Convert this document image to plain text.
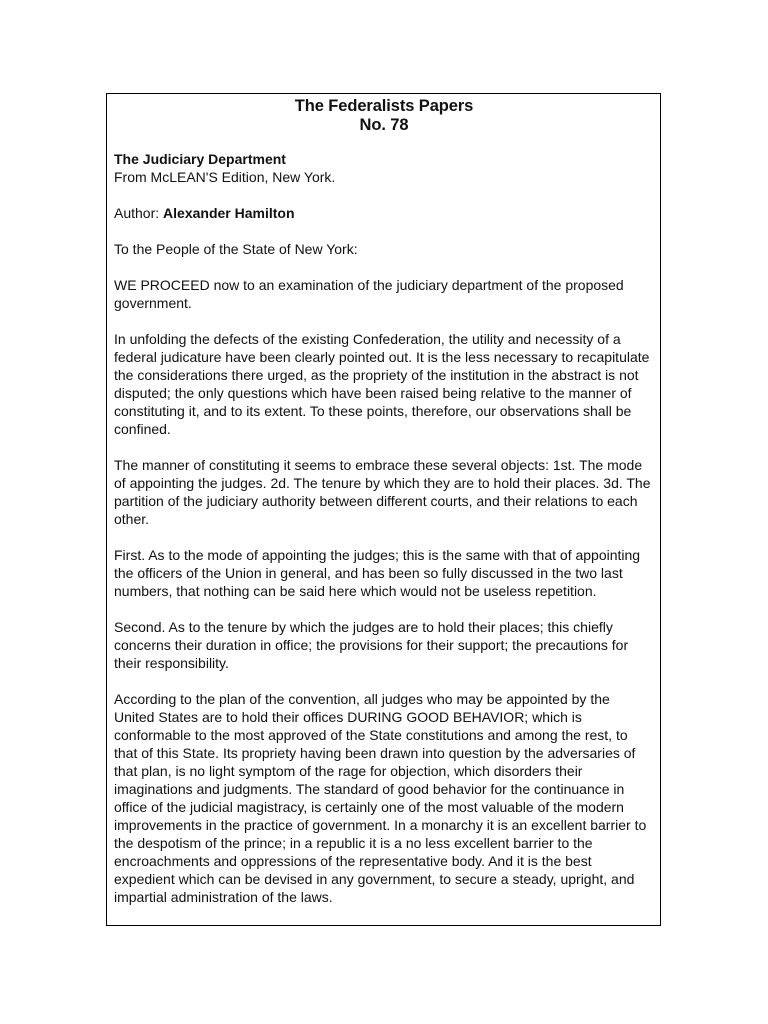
The Federalists Papers
No. 78

The Judiciary Department
From McLEAN'S Edition, New York.

Author: Alexander Hamilton

To the People of the State of New York:

WE PROCEED now to an examination of the judiciary department of the proposed government.

In unfolding the defects of the existing Confederation, the utility and necessity of a federal judicature have been clearly pointed out. It is the less necessary to recapitulate the considerations there urged, as the propriety of the institution in the abstract is not disputed; the only questions which have been raised being relative to the manner of constituting it, and to its extent. To these points, therefore, our observations shall be confined.

The manner of constituting it seems to embrace these several objects: 1st. The mode of appointing the judges. 2d. The tenure by which they are to hold their places. 3d. The partition of the judiciary authority between different courts, and their relations to each other.

First. As to the mode of appointing the judges; this is the same with that of appointing the officers of the Union in general, and has been so fully discussed in the two last numbers, that nothing can be said here which would not be useless repetition.

Second. As to the tenure by which the judges are to hold their places; this chiefly concerns their duration in office; the provisions for their support; the precautions for their responsibility.

According to the plan of the convention, all judges who may be appointed by the United States are to hold their offices DURING GOOD BEHAVIOR; which is conformable to the most approved of the State constitutions and among the rest, to that of this State. Its propriety having been drawn into question by the adversaries of that plan, is no light symptom of the rage for objection, which disorders their imaginations and judgments. The standard of good behavior for the continuance in office of the judicial magistracy, is certainly one of the most valuable of the modern improvements in the practice of government. In a monarchy it is an excellent barrier to the despotism of the prince; in a republic it is a no less excellent barrier to the encroachments and oppressions of the representative body. And it is the best expedient which can be devised in any government, to secure a steady, upright, and impartial administration of the laws.
